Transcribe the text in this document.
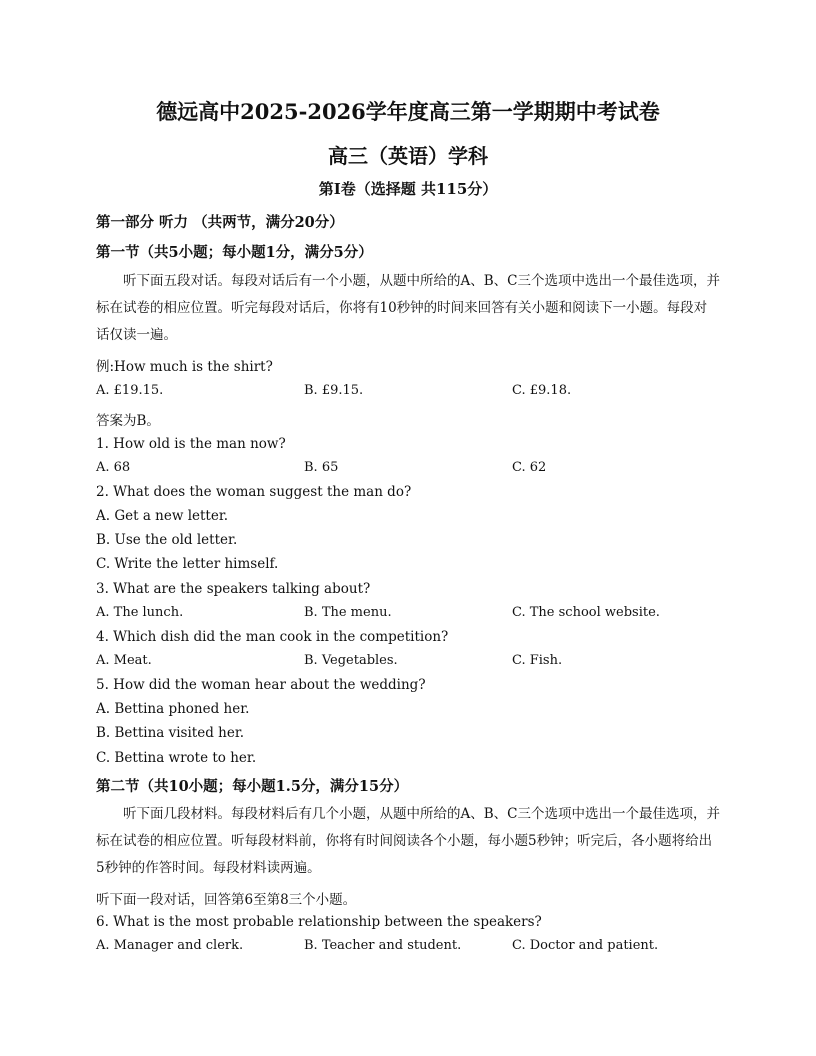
德远高中2025-2026学年度高三第一学期期中考试卷
高三（英语）学科
第Ⅰ卷（选择题 共115分）
第一部分 听力 （共两节，满分20分）
第一节（共5小题；每小题1分，满分5分）
听下面五段对话。每段对话后有一个小题，从题中所给的A、B、C三个选项中选出一个最佳选项，并标在试卷的相应位置。听完每段对话后，你将有10秒钟的时间来回答有关小题和阅读下一小题。每段对话仅读一遍。
例:How much is the shirt?
A. £19.15.	B. £9.15.	C. £9.18.
答案为B。
1. How old is the man now?
A. 68	B. 65	C. 62
2. What does the woman suggest the man do?
A. Get a new letter.
B. Use the old letter.
C. Write the letter himself.
3. What are the speakers talking about?
A. The lunch.	B. The menu.	C. The school website.
4. Which dish did the man cook in the competition?
A. Meat.	B. Vegetables.	C. Fish.
5. How did the woman hear about the wedding?
A. Bettina phoned her.
B. Bettina visited her.
C. Bettina wrote to her.
第二节（共10小题；每小题1.5分，满分15分）
听下面几段材料。每段材料后有几个小题，从题中所给的A、B、C三个选项中选出一个最佳选项，并标在试卷的相应位置。听每段材料前，你将有时间阅读各个小题，每小题5秒钟；听完后，各小题将给出5秒钟的作答时间。每段材料读两遍。
听下面一段对话，回答第6至第8三个小题。
6. What is the most probable relationship between the speakers?
A. Manager and clerk.	B. Teacher and student.	C. Doctor and patient.
